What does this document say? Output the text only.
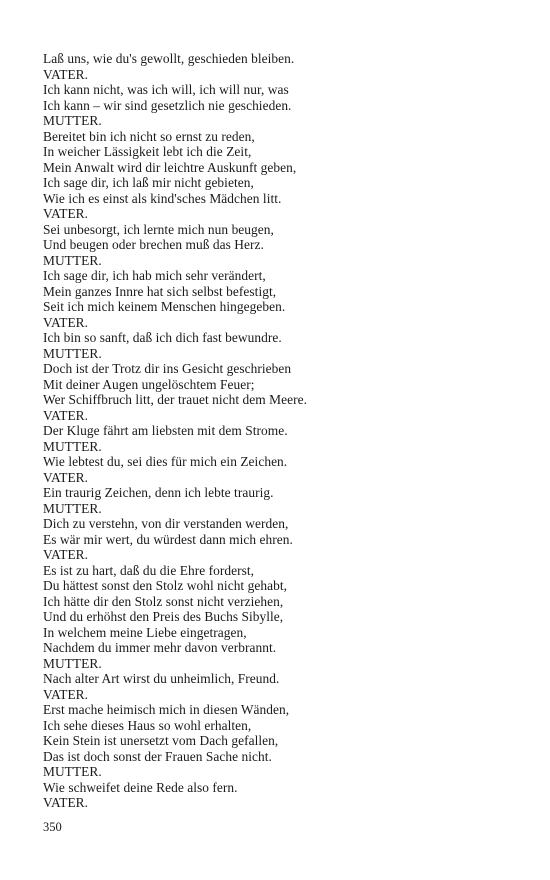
Laß uns, wie du's gewollt, geschieden bleiben.
VATER.
Ich kann nicht, was ich will, ich will nur, was
Ich kann – wir sind gesetzlich nie geschieden.
MUTTER.
Bereitet bin ich nicht so ernst zu reden,
In weicher Lässigkeit lebt ich die Zeit,
Mein Anwalt wird dir leichtre Auskunft geben,
Ich sage dir, ich laß mir nicht gebieten,
Wie ich es einst als kind'sches Mädchen litt.
VATER.
Sei unbesorgt, ich lernte mich nun beugen,
Und beugen oder brechen muß das Herz.
MUTTER.
Ich sage dir, ich hab mich sehr verändert,
Mein ganzes Innre hat sich selbst befestigt,
Seit ich mich keinem Menschen hingegeben.
VATER.
Ich bin so sanft, daß ich dich fast bewundre.
MUTTER.
Doch ist der Trotz dir ins Gesicht geschrieben
Mit deiner Augen ungelöschtem Feuer;
Wer Schiffbruch litt, der trauet nicht dem Meere.
VATER.
Der Kluge fährt am liebsten mit dem Strome.
MUTTER.
Wie lebtest du, sei dies für mich ein Zeichen.
VATER.
Ein traurig Zeichen, denn ich lebte traurig.
MUTTER.
Dich zu verstehn, von dir verstanden werden,
Es wär mir wert, du würdest dann mich ehren.
VATER.
Es ist zu hart, daß du die Ehre forderst,
Du hättest sonst den Stolz wohl nicht gehabt,
Ich hätte dir den Stolz sonst nicht verziehen,
Und du erhöhst den Preis des Buchs Sibylle,
In welchem meine Liebe eingetragen,
Nachdem du immer mehr davon verbrannt.
MUTTER.
Nach alter Art wirst du unheimlich, Freund.
VATER.
Erst mache heimisch mich in diesen Wänden,
Ich sehe dieses Haus so wohl erhalten,
Kein Stein ist unersetzt vom Dach gefallen,
Das ist doch sonst der Frauen Sache nicht.
MUTTER.
Wie schweifet deine Rede also fern.
VATER.
350
